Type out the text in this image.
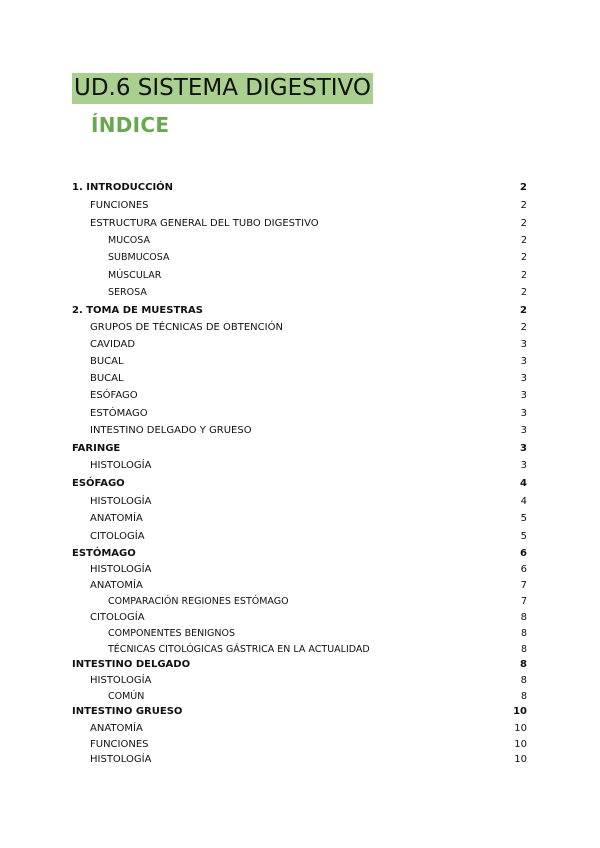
UD.6 SISTEMA DIGESTIVO
ÍNDICE
1. INTRODUCCIÓN	2
FUNCIONES	2
ESTRUCTURA GENERAL DEL TUBO DIGESTIVO	2
MUCOSA	2
SUBMUCOSA	2
MÚSCULAR	2
SEROSA	2
2. TOMA DE MUESTRAS	2
GRUPOS DE TÉCNICAS DE OBTENCIÓN	2
CAVIDAD	3
BUCAL	3
BUCAL	3
ESÓFAGO	3
ESTÓMAGO	3
INTESTINO DELGADO Y GRUESO	3
FARINGE	3
HISTOLOGÍA	3
ESÓFAGO	4
HISTOLOGÍA	4
ANATOMÍA	5
CITOLOGÍA	5
ESTÓMAGO	6
HISTOLOGÍA	6
ANATOMÍA	7
COMPARACIÓN REGIONES ESTÓMAGO	7
CITOLOGÍA	8
COMPONENTES BENIGNOS	8
TÉCNICAS CITOLÓGICAS GÁSTRICA EN LA ACTUALIDAD	8
INTESTINO DELGADO	8
HISTOLOGÍA	8
COMÚN	8
INTESTINO GRUESO	10
ANATOMÍA	10
FUNCIONES	10
HISTOLOGÍA	10
